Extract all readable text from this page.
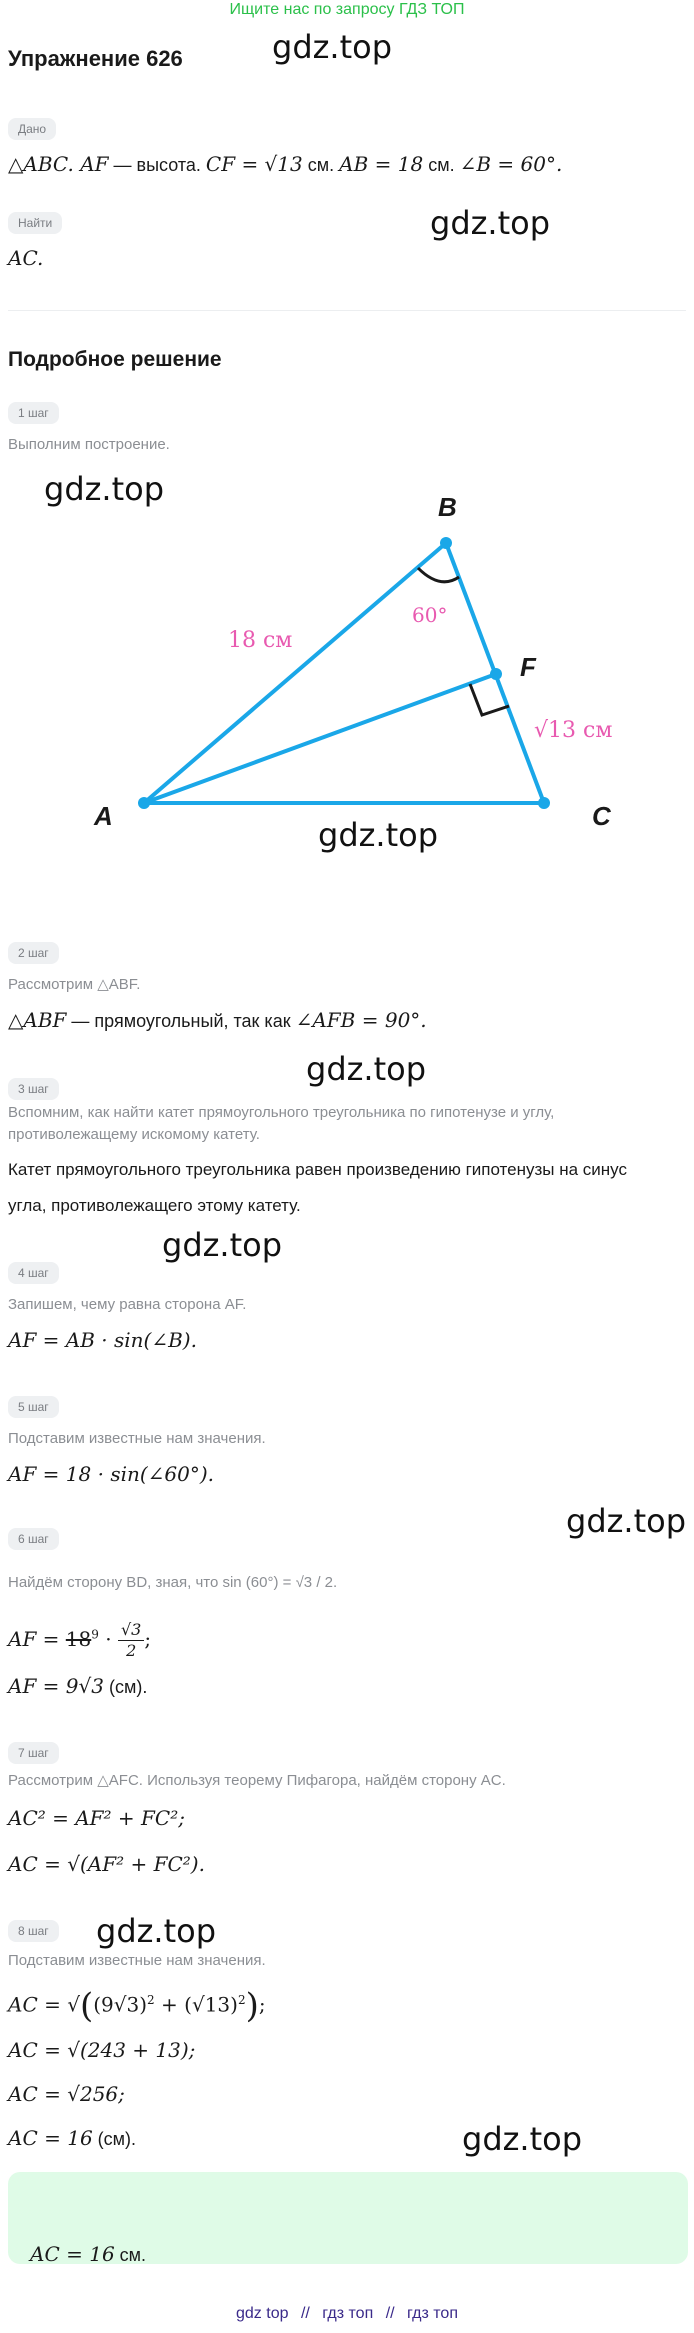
Ищите нас по запросу ГДЗ ТОП
Упражнение 626	gdz.top
gdz.top
gdz.top
gdz.top
gdz.top
gdz.top
gdz.top
gdz.top
gdz.top
Дано
△ABC. AF — высота. CF = √13 см. AB = 18 см. ∠B = 60°.
Найти
AC.
Подробное решение
1 шаг
Выполним построение.
A
B
C
F
18 см
60°
√13 см
2 шаг
Рассмотрим △ABF.
△ABF — прямоугольный, так как ∠AFB = 90°.
3 шаг
Вспомним, как найти катет прямоугольного треугольника по гипотенузе и углу, противолежащему искомому катету.
Катет прямоугольного треугольника равен произведению гипотенузы на синус угла, противолежащего этому катету.
4 шаг
Запишем, чему равна сторона AF.
AF = AB · sin(∠B).
5 шаг
Подставим известные нам значения.
AF = 18 · sin(∠60°).
6 шаг
Найдём сторону BD, зная, что sin (60°) = √3 / 2.
AF = $18^9 \cdot \frac{√3}{2}$ ;
AF = 9√3 (см).
7 шаг
Рассмотрим △AFC. Используя теорему Пифагора, найдём сторону AC.
AC² = AF² + FC²;
AC = √(AF² + FC²).
8 шаг
Подставим известные нам значения.
AC = $√((9√3)^2 + (√13)^2)$;
AC = √(243 + 13);
AC = √256;
AC = 16 (см).
AC = 16 см.
gdz top // гдз топ // гдз топ
